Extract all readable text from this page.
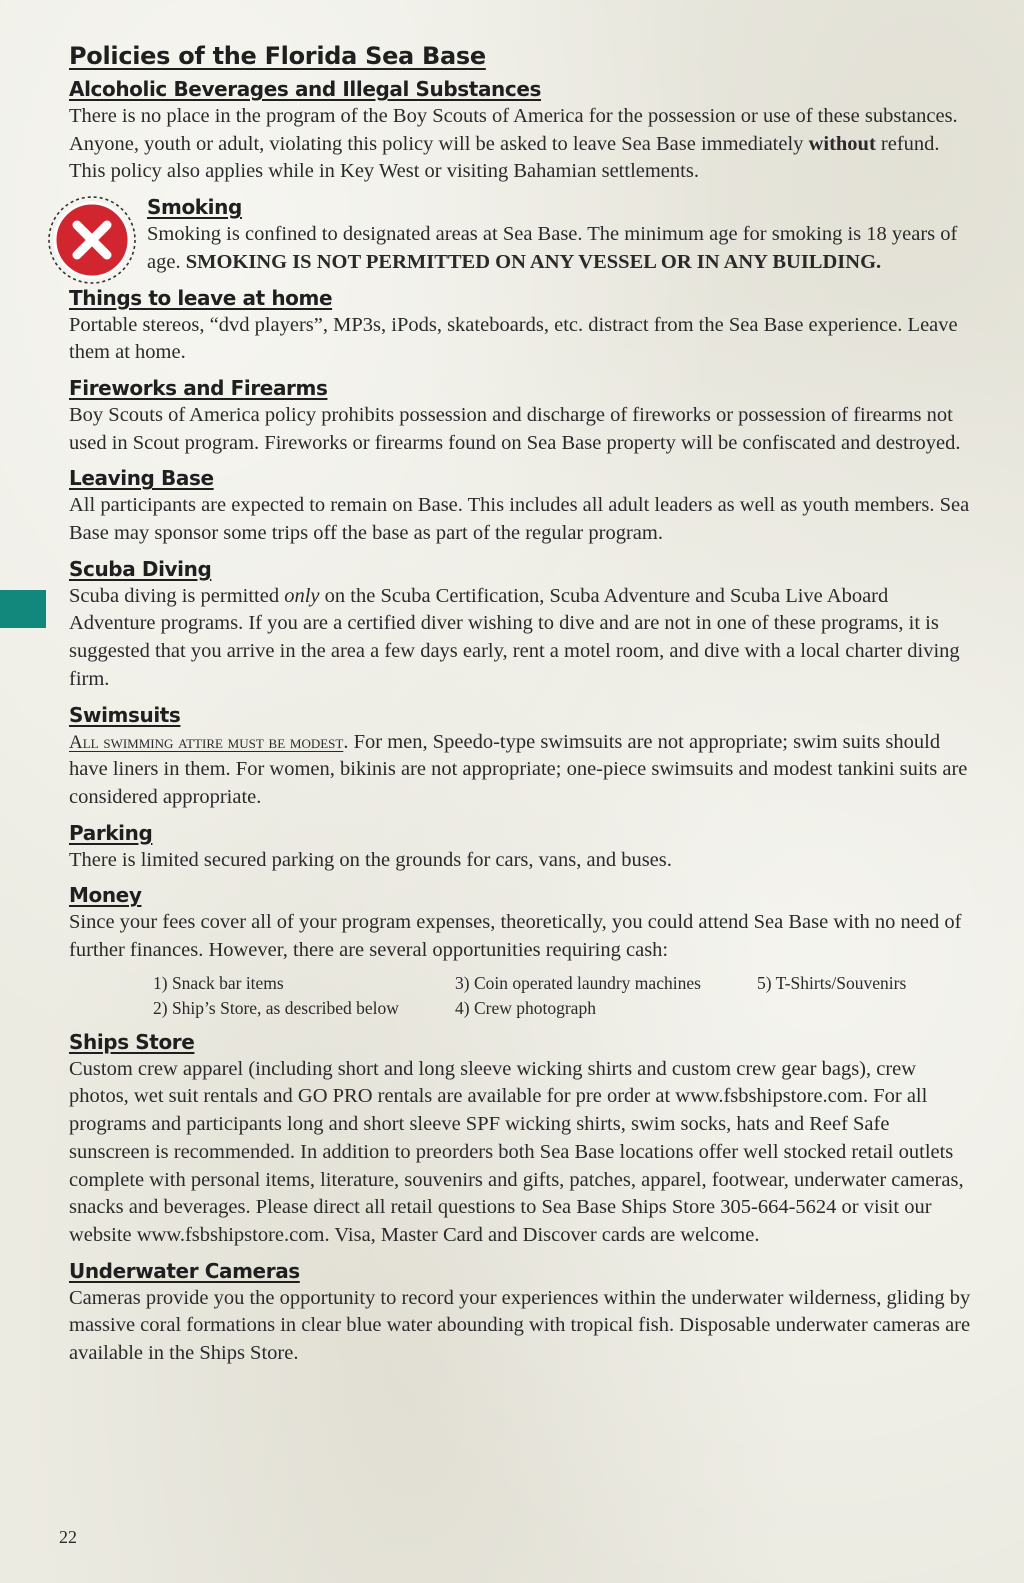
Policies of the Florida Sea Base
Alcoholic Beverages and Illegal Substances

There is no place in the program of the Boy Scouts of America for the possession or use of these substances. Anyone, youth or adult, violating this policy will be asked to leave Sea Base immediately without refund. This policy also applies while in Key West or visiting Bahamian settlements.

Smoking

Smoking is confined to designated areas at Sea Base. The minimum age for smoking is 18 years of age. SMOKING IS NOT PERMITTED ON ANY VESSEL OR IN ANY BUILDING.

Things to leave at home

Portable stereos, “dvd players”, MP3s, iPods, skateboards, etc. distract from the Sea Base experience. Leave them at home.

Fireworks and Firearms

Boy Scouts of America policy prohibits possession and discharge of fireworks or possession of firearms not used in Scout program. Fireworks or firearms found on Sea Base property will be confiscated and destroyed.

Leaving Base

All participants are expected to remain on Base. This includes all adult leaders as well as youth members. Sea Base may sponsor some trips off the base as part of the regular program.

Scuba Diving

Scuba diving is permitted only on the Scuba Certification, Scuba Adventure and Scuba Live Aboard Adventure programs. If you are a certified diver wishing to dive and are not in one of these programs, it is suggested that you arrive in the area a few days early, rent a motel room, and dive with a local charter diving firm.

Swimsuits

All swimming attire must be modest. For men, Speedo-type swimsuits are not appropriate; swim suits should have liners in them. For women, bikinis are not appropriate; one-piece swimsuits and modest tankini suits are considered appropriate.

Parking

There is limited secured parking on the grounds for cars, vans, and buses.

Money

Since your fees cover all of your program expenses, theoretically, you could attend Sea Base with no need of further finances. However, there are several opportunities requiring cash:

1) Snack bar items	3) Coin operated laundry machines	5) T-Shirts/Souvenirs
2) Ship’s Store, as described below	4) Crew photograph
Ships Store

Custom crew apparel (including short and long sleeve wicking shirts and custom crew gear bags), crew photos, wet suit rentals and GO PRO rentals are available for pre order at www.fsbshipstore.com. For all programs and participants long and short sleeve SPF wicking shirts, swim socks, hats and Reef Safe sunscreen is recommended. In addition to preorders both Sea Base locations offer well stocked retail outlets complete with personal items, literature, souvenirs and gifts, patches, apparel, footwear, underwater cameras, snacks and beverages. Please direct all retail questions to Sea Base Ships Store 305-664-5624 or visit our website www.fsbshipstore.com. Visa, Master Card and Discover cards are welcome.

Underwater Cameras

Cameras provide you the opportunity to record your experiences within the underwater wilderness, gliding by massive coral formations in clear blue water abounding with tropical fish. Disposable underwater cameras are available in the Ships Store.

22
